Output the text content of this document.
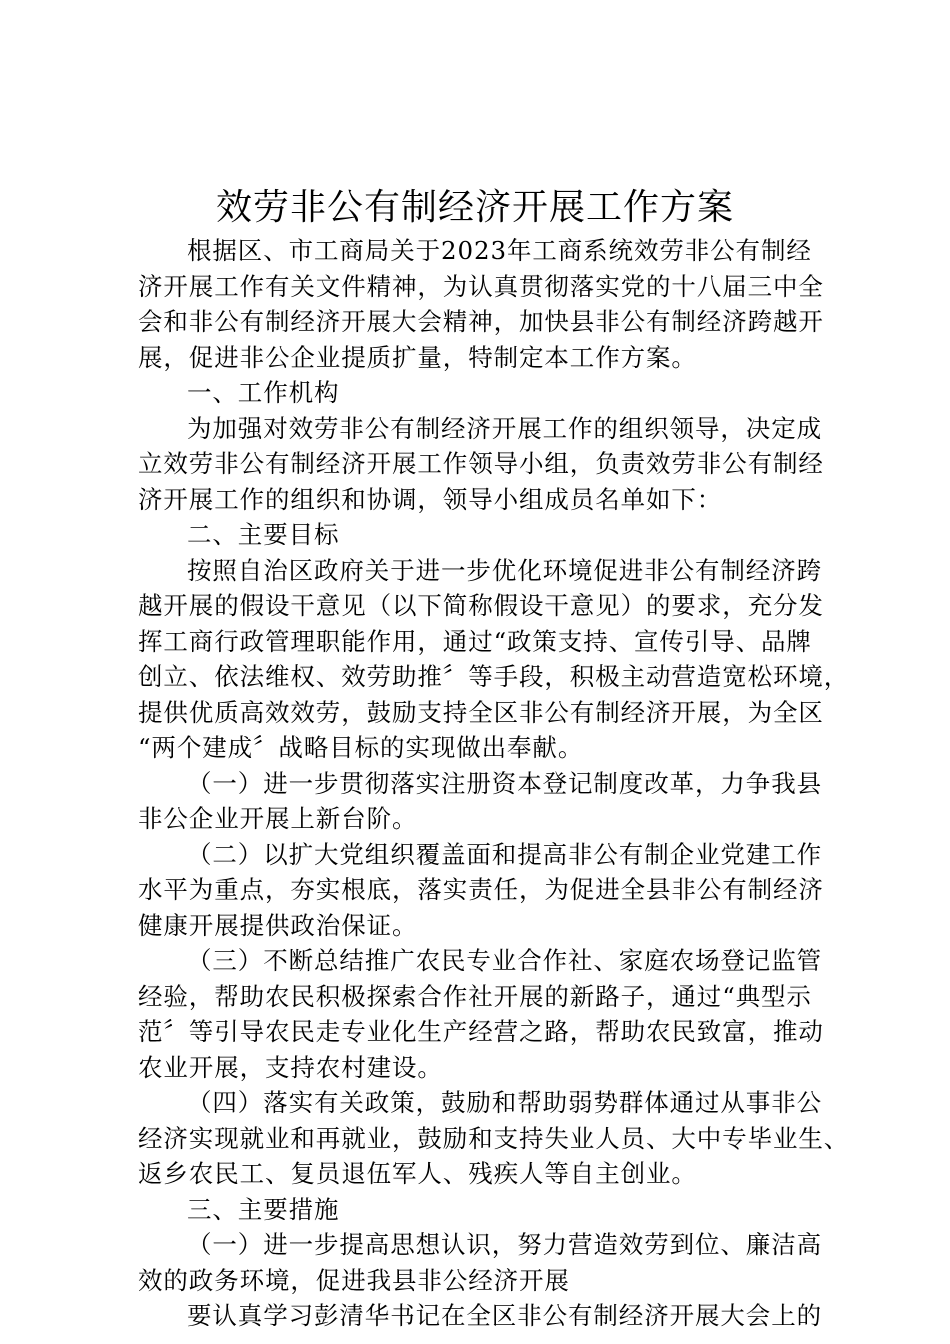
效劳非公有制经济开展工作方案
根据区、市工商局关于2023年工商系统效劳非公有制经
济开展工作有关文件精神，为认真贯彻落实党的十八届三中全
会和非公有制经济开展大会精神，加快县非公有制经济跨越开
展，促进非公企业提质扩量，特制定本工作方案。
一、工作机构
为加强对效劳非公有制经济开展工作的组织领导，决定成
立效劳非公有制经济开展工作领导小组，负责效劳非公有制经
济开展工作的组织和协调，领导小组成员名单如下：
二、主要目标
按照自治区政府关于进一步优化环境促进非公有制经济跨
越开展的假设干意见（以下简称假设干意见）的要求，充分发
挥工商行政管理职能作用，通过“政策支持、宣传引导、品牌
创立、依法维权、效劳助推〞等手段，积极主动营造宽松环境，
提供优质高效效劳，鼓励支持全区非公有制经济开展，为全区
“两个建成〞战略目标的实现做出奉献。
（一）进一步贯彻落实注册资本登记制度改革，力争我县
非公企业开展上新台阶。
（二）以扩大党组织覆盖面和提高非公有制企业党建工作
水平为重点，夯实根底，落实责任，为促进全县非公有制经济
健康开展提供政治保证。
（三）不断总结推广农民专业合作社、家庭农场登记监管
经验，帮助农民积极探索合作社开展的新路子，通过“典型示
范〞等引导农民走专业化生产经营之路，帮助农民致富，推动
农业开展，支持农村建设。
（四）落实有关政策，鼓励和帮助弱势群体通过从事非公
经济实现就业和再就业，鼓励和支持失业人员、大中专毕业生、
返乡农民工、复员退伍军人、残疾人等自主创业。
三、主要措施
（一）进一步提高思想认识，努力营造效劳到位、廉洁高
效的政务环境，促进我县非公经济开展
要认真学习彭清华书记在全区非公有制经济开展大会上的
